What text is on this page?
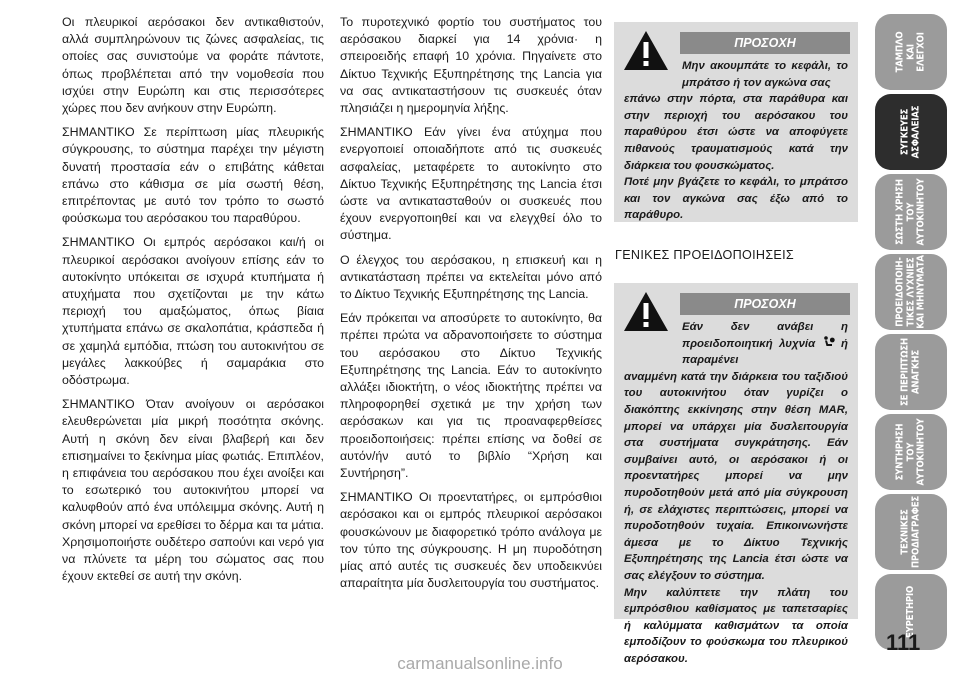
Οι πλευρικοί αερόσακοι δεν αντικαθιστούν, αλλά συμπληρώνουν τις ζώνες ασφαλείας, τις οποίες σας συνιστούμε να φοράτε πάντοτε, όπως προβλέπεται από την νομοθεσία που ισχύει στην Ευρώπη και στις περισσότερες χώρες που δεν ανήκουν στην Ευρώπη.

ΣΗΜΑΝΤΙΚΟ Σε περίπτωση μίας πλευρικής σύγκρουσης, το σύστημα παρέχει την μέγιστη δυνατή προστασία εάν ο επιβάτης κάθεται επάνω στο κάθισμα σε μία σωστή θέση, επιτρέποντας με αυτό τον τρόπο το σωστό φούσκωμα του αερόσακου του παραθύρου.

ΣΗΜΑΝΤΙΚΟ Οι εμπρός αερόσακοι και/ή οι πλευρικοί αερόσακοι ανοίγουν επίσης εάν το αυτοκίνητο υπόκειται σε ισχυρά κτυπήματα ή ατυχήματα που σχετίζονται με την κάτω περιοχή του αμαξώματος, όπως βίαια χτυπήματα επάνω σε σκαλοπάτια, κράσπεδα ή σε χαμηλά εμπόδια, πτώση του αυτοκινήτου σε μεγάλες λακκούβες ή σαμαράκια στο οδόστρωμα.

ΣΗΜΑΝΤΙΚΟ Όταν ανοίγουν οι αερόσακοι ελευθερώνεται μία μικρή ποσότητα σκόνης. Αυτή η σκόνη δεν είναι βλαβερή και δεν επισημαίνει το ξεκίνημα μίας φωτιάς. Επιπλέον, η επιφάνεια του αερόσακου που έχει ανοίξει και το εσωτερικό του αυτοκινήτου μπορεί να καλυφθούν από ένα υπόλειμμα σκόνης. Αυτή η σκόνη μπορεί να ερεθίσει το δέρμα και τα μάτια. Χρησιμοποιήστε ουδέτερο σαπούνι και νερό για να πλύνετε τα μέρη του σώματος σας που έχουν εκτεθεί σε αυτή την σκόνη.

Το πυροτεχνικό φορτίο του συστήματος του αερόσακου διαρκεί για 14 χρόνια· η σπειροειδής επαφή 10 χρόνια. Πηγαίνετε στο Δίκτυο Τεχνικής Εξυπηρέτησης της Lancia για να σας αντικαταστήσουν τις συσκευές όταν πλησιάζει η ημερομηνία λήξης.

ΣΗΜΑΝΤΙΚΟ Εάν γίνει ένα ατύχημα που ενεργοποιεί οποιαδήποτε από τις συσκευές ασφαλείας, μεταφέρετε το αυτοκίνητο στο Δίκτυο Τεχνικής Εξυπηρέτησης της Lancia έτσι ώστε να αντικατασταθούν οι συσκευές που έχουν ενεργοποιηθεί και να ελεγχθεί όλο το σύστημα.

Ο έλεγχος του αερόσακου, η επισκευή και η αντικατάσταση πρέπει να εκτελείται μόνο από το Δίκτυο Τεχνικής Εξυπηρέτησης της Lancia.

Εάν πρόκειται να αποσύρετε το αυτοκίνητο, θα πρέπει πρώτα να αδρανοποιήσετε το σύστημα του αερόσακου στο Δίκτυο Τεχνικής Εξυπηρέτησης της Lancia. Εάν το αυτοκίνητο αλλάξει ιδιοκτήτη, ο νέος ιδιοκτήτης πρέπει να πληροφορηθεί σχετικά με την χρήση των αερόσακων και για τις προαναφερθείσες προειδοποιήσεις: πρέπει επίσης να δοθεί σε αυτόν/ήν αυτό το βιβλίο “Χρήση και Συντήρηση”.

ΣΗΜΑΝΤΙΚΟ Οι προεντατήρες, οι εμπρόσθιοι αερόσακοι και οι εμπρός πλευρικοί αερόσακοι φουσκώνουν με διαφορετικό τρόπο ανάλογα με τον τύπο της σύγκρουσης. Η μη πυροδότηση μίας από αυτές τις συσκευές δεν υποδεικνύει απαραίτητα μία δυσλειτουργία του συστήματος.

ΠΡΟΣΟΧΗ
Μην ακουμπάτε το κεφάλι, το μπράτσο ή τον αγκώνα σας
επάνω στην πόρτα, στα παράθυρα και στην περιοχή του αερόσακου του παραθύρου έτσι ώστε να αποφύγετε πιθανούς τραυματισμούς κατά την διάρκεια του φουσκώματος.
Ποτέ μην βγάζετε το κεφάλι, το μπράτσο και τον αγκώνα σας έξω από το παράθυρο.
ΓΕΝΙΚΕΣ ΠΡΟΕΙΔΟΠΟΙΗΣΕΙΣ
ΠΡΟΣΟΧΗ
Εάν δεν ανάβει η προειδοποιητική λυχνία ή παραμένει
αναμμένη κατά την διάρκεια του ταξιδιού του αυτοκινήτου όταν γυρίζει ο διακόπτης εκκίνησης στην θέση MAR, μπορεί να υπάρχει μία δυσλειτουργία στα συστήματα συγκράτησης. Εάν συμβαίνει αυτό, οι αερόσακοι ή οι προεντατήρες μπορεί να μην πυροδοτηθούν μετά από μία σύγκρουση ή, σε ελάχιστες περιπτώσεις, μπορεί να πυροδοτηθούν τυχαία. Επικοινωνήστε άμεσα με το Δίκτυο Τεχνικής Εξυπηρέτησης της Lancia έτσι ώστε να σας ελέγξουν το σύστημα.
Μην καλύπτετε την πλάτη του εμπρόσθιου καθίσματος με ταπετσαρίες ή καλύμματα καθισμάτων τα οποία εμποδίζουν το φούσκωμα του πλευρικού αερόσακου.
ΤΑΜΠΛΟ
ΚΑΙ
ΕΛΕΓΧΟΙ
ΣΥΓΚΕΥΕΣ
ΑΣΦΑΛΕΙΑΣ
ΣΩΣΤΗ ΧΡΗΣΗ
ΤΟΥ
ΑΥΤΟΚΙΝΗΤΟΥ
ΠΡΟΕΙΔΟΠΟΙΗ-
ΤΙΚΕΣ ΛΥΧΝΙΕΣ
ΚΑΙ ΜΗΝΥΜΑΤΑ
ΣΕ ΠΕΡΙΠΤΩΣΗ
ΑΝΑΓΚΗΣ
ΣΥΝΤΗΡΗΣΗ
ΤΟΥ
ΑΥΤΟΚΙΝΗΤΟΥ
ΤΕΧΝΙΚΕΣ
ΠΡΟΔΙΑΓΡΑΦΕΣ
ΕΥΡΕΤΗΡΙΟ
111
carmanualsonline.info
